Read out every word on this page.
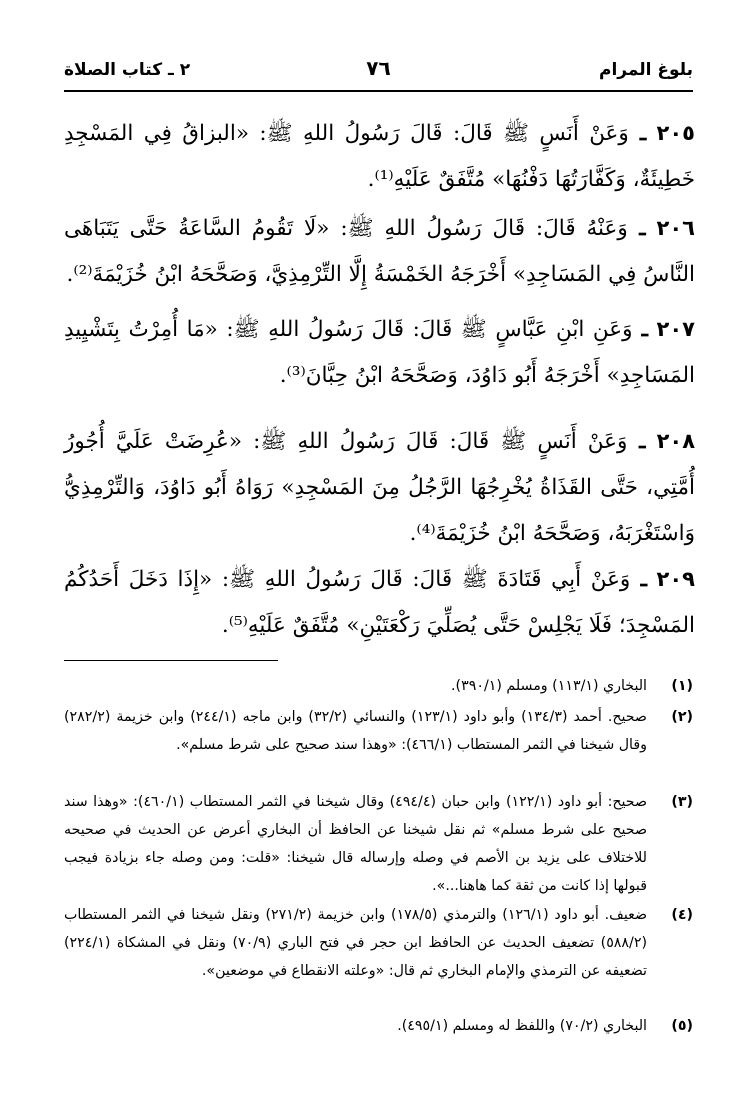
بلوغ المرام
٧٦
٢ ـ كتاب الصلاة
٢٠٥ ـ وَعَنْ أَنَسٍ ﷺ قَالَ: قَالَ رَسُولُ اللهِ ﷺ: «البزاقُ فِي المَسْجِدِ خَطِيئَةٌ، وَكَفَّارَتُهَا دَفْنُهَا» مُتَّفَقٌ عَلَيْهِ⁽¹⁾.
٢٠٦ ـ وَعَنْهُ قَالَ: قَالَ رَسُولُ اللهِ ﷺ: «لَا تَقُومُ السَّاعَةُ حَتَّى يَتَبَاهَى النَّاسُ فِي المَسَاجِدِ» أَخْرَجَهُ الخَمْسَةُ إِلَّا التِّرْمِذِيَّ، وَصَحَّحَهُ ابْنُ خُزَيْمَةَ⁽²⁾.
٢٠٧ ـ وَعَنِ ابْنِ عَبَّاسٍ ﷺ قَالَ: قَالَ رَسُولُ اللهِ ﷺ: «مَا أُمِرْتُ بِتَشْيِيدِ المَسَاجِدِ» أَخْرَجَهُ أَبُو دَاوُدَ، وَصَحَّحَهُ ابْنُ حِبَّانَ⁽³⁾.
٢٠٨ ـ وَعَنْ أَنَسٍ ﷺ قَالَ: قَالَ رَسُولُ اللهِ ﷺ: «عُرِضَتْ عَلَيَّ أُجُورُ أُمَّتِي، حَتَّى القَذَاةُ يُخْرِجُهَا الرَّجُلُ مِنَ المَسْجِدِ» رَوَاهُ أَبُو دَاوُدَ، وَالتِّرْمِذِيُّ وَاسْتَغْرَبَهُ، وَصَحَّحَهُ ابْنُ خُزَيْمَةَ⁽⁴⁾.
٢٠٩ ـ وَعَنْ أَبِي قَتَادَةَ ﷺ قَالَ: قَالَ رَسُولُ اللهِ ﷺ: «إِذَا دَخَلَ أَحَدُكُمُ المَسْجِدَ؛ فَلَا يَجْلِسْ حَتَّى يُصَلِّيَ رَكْعَتَيْنِ» مُتَّفَقٌ عَلَيْهِ⁽⁵⁾.
(١)
البخاري (١١٣/١) ومسلم (٣٩٠/١).
(٢)
صحيح. أحمد (١٣٤/٣) وأبو داود (١٢٣/١) والنسائي (٣٢/٢) وابن ماجه (٢٤٤/١) وابن خزيمة (٢٨٢/٢) وقال شيخنا في الثمر المستطاب (٤٦٦/١): «وهذا سند صحيح على شرط مسلم».
(٣)
صحيح: أبو داود (١٢٢/١) وابن حبان (٤٩٤/٤) وقال شيخنا في الثمر المستطاب (٤٦٠/١): «وهذا سند صحيح على شرط مسلم» ثم نقل شيخنا عن الحافظ أن البخاري أعرض عن الحديث في صحيحه للاختلاف على يزيد بن الأصم في وصله وإرساله قال شيخنا: «قلت: ومن وصله جاء بزيادة فيجب قبولها إذا كانت من ثقة كما هاهنا...».
(٤)
ضعيف. أبو داود (١٢٦/١) والترمذي (١٧٨/٥) وابن خزيمة (٢٧١/٢) ونقل شيخنا في الثمر المستطاب (٥٨٨/٢) تضعيف الحديث عن الحافظ ابن حجر في فتح الباري (٧٠/٩) ونقل في المشكاة (٢٢٤/١) تضعيفه عن الترمذي والإمام البخاري ثم قال: «وعلته الانقطاع في موضعين».
(٥)
البخاري (٧٠/٢) واللفظ له ومسلم (٤٩٥/١).
